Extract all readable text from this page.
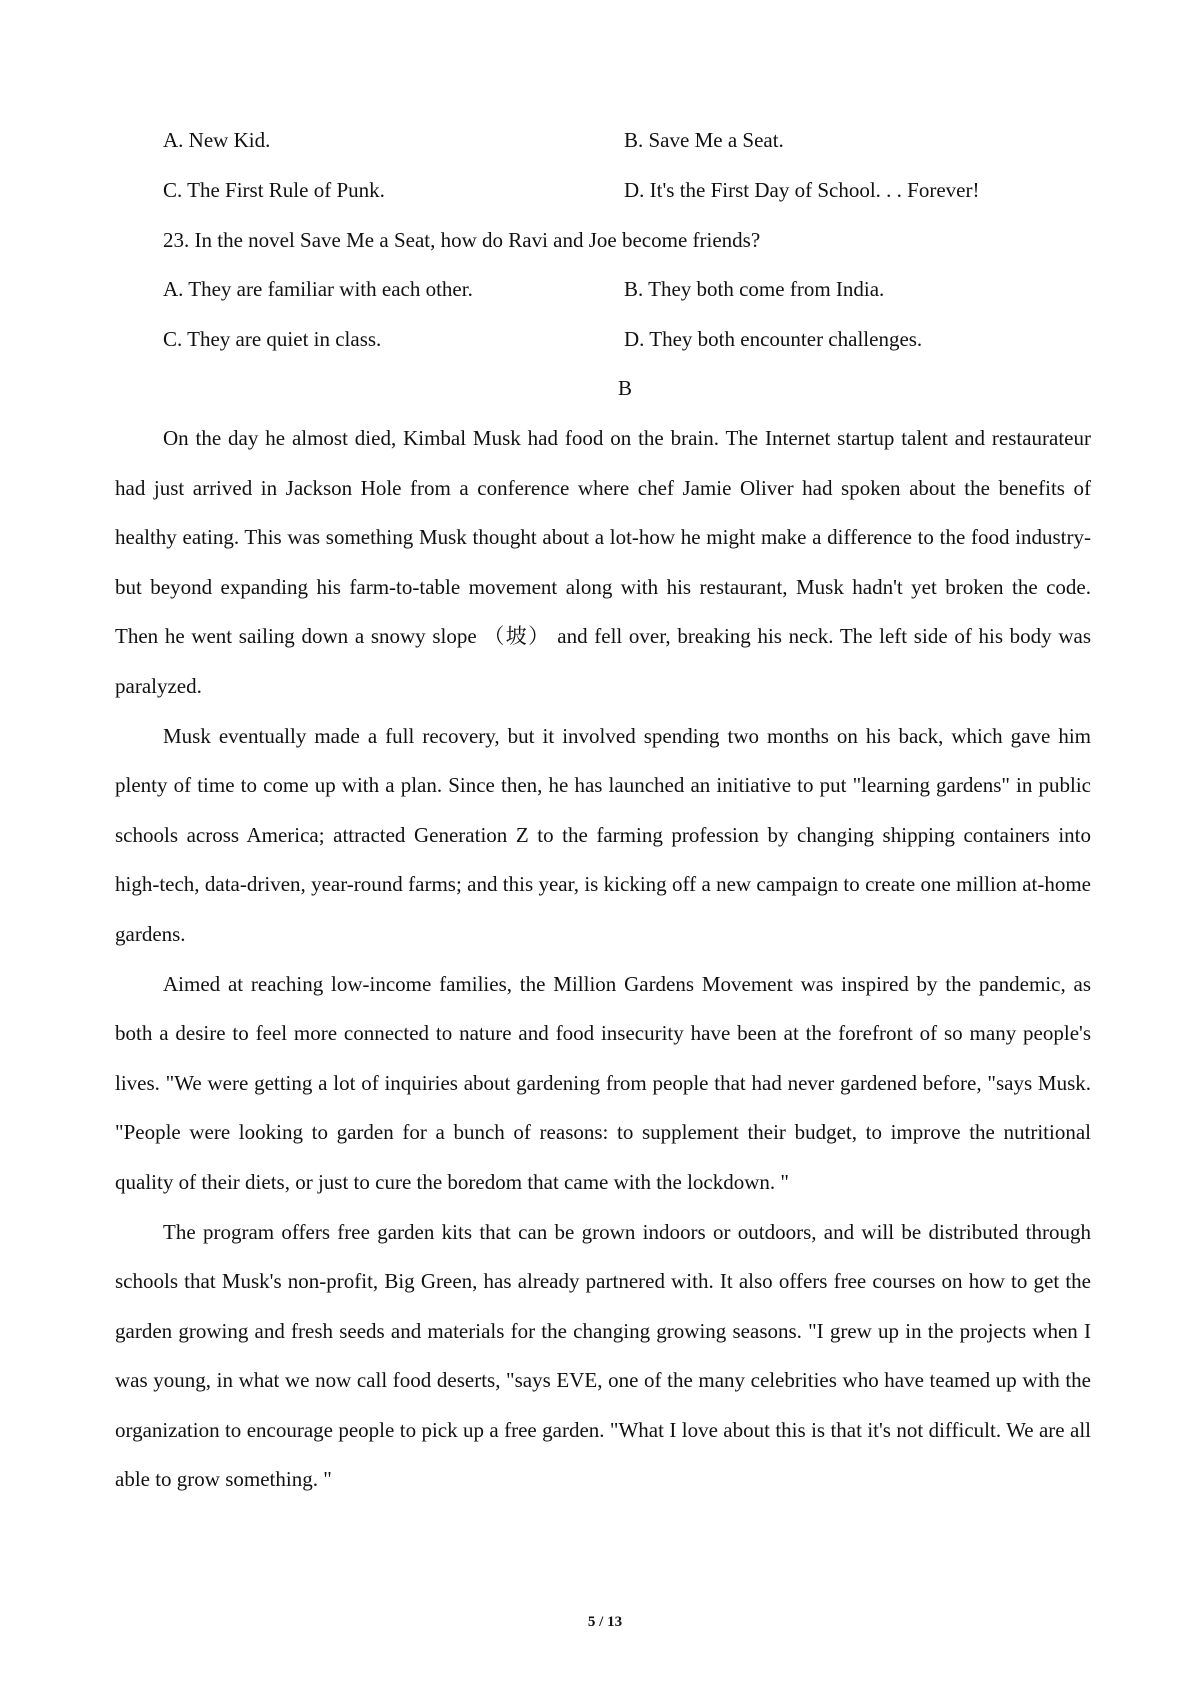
A. New Kid.	B. Save Me a Seat.
C. The First Rule of Punk.	D. It's the First Day of School. . . Forever!
23. In the novel Save Me a Seat, how do Ravi and Joe become friends?
A. They are familiar with each other.	B. They both come from India.
C. They are quiet in class.	D. They both encounter challenges.
B

On the day he almost died, Kimbal Musk had food on the brain. The Internet startup talent and restaurateur had just arrived in Jackson Hole from a conference where chef Jamie Oliver had spoken about the benefits of healthy eating. This was something Musk thought about a lot-how he might make a difference to the food industry-but beyond expanding his farm-to-table movement along with his restaurant, Musk hadn't yet broken the code. Then he went sailing down a snowy slope （坡） and fell over, breaking his neck. The left side of his body was paralyzed.

Musk eventually made a full recovery, but it involved spending two months on his back, which gave him plenty of time to come up with a plan. Since then, he has launched an initiative to put "learning gardens" in public schools across America; attracted Generation Z to the farming profession by changing shipping containers into high-tech, data-driven, year-round farms; and this year, is kicking off a new campaign to create one million at-home gardens.

Aimed at reaching low-income families, the Million Gardens Movement was inspired by the pandemic, as both a desire to feel more connected to nature and food insecurity have been at the forefront of so many people's lives. "We were getting a lot of inquiries about gardening from people that had never gardened before, "says Musk. "People were looking to garden for a bunch of reasons: to supplement their budget, to improve the nutritional quality of their diets, or just to cure the boredom that came with the lockdown. "

The program offers free garden kits that can be grown indoors or outdoors, and will be distributed through schools that Musk's non-profit, Big Green, has already partnered with. It also offers free courses on how to get the garden growing and fresh seeds and materials for the changing growing seasons. "I grew up in the projects when I was young, in what we now call food deserts, "says EVE, one of the many celebrities who have teamed up with the organization to encourage people to pick up a free garden. "What I love about this is that it's not difficult. We are all able to grow something. "

5 / 13
